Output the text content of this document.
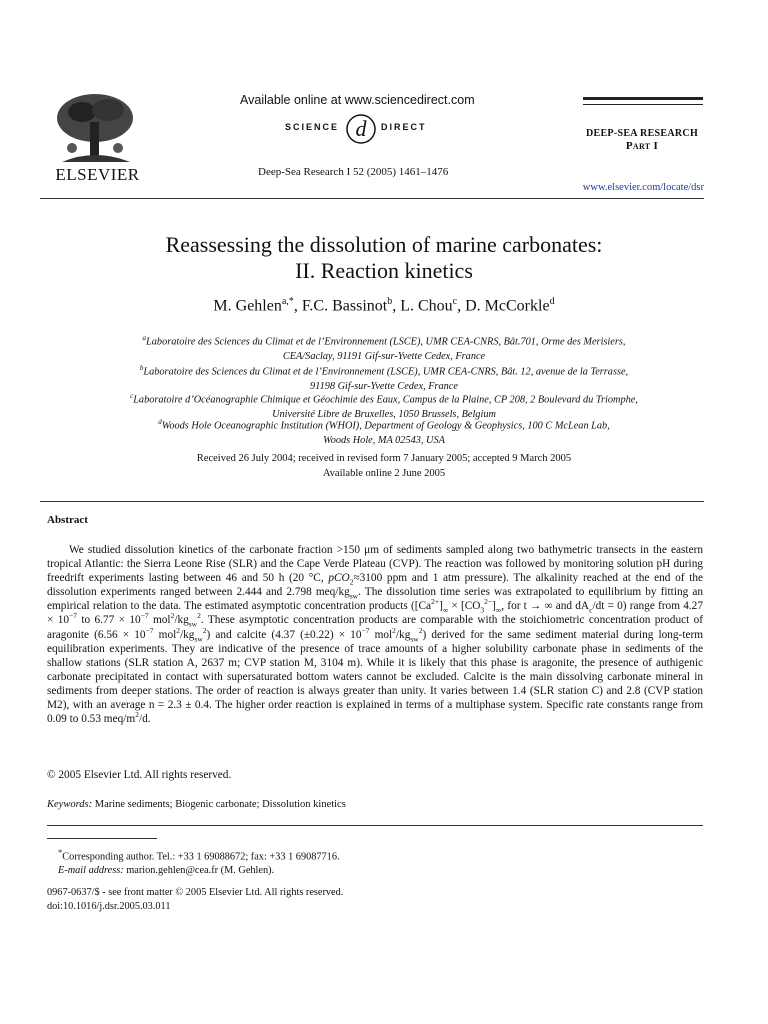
ELSEVIER
Available online at www.sciencedirect.com
SCIENCE d DIRECT
Deep-Sea Research I 52 (2005) 1461–1476
DEEP-SEA RESEARCH
Part I
www.elsevier.com/locate/dsr
Reassessing the dissolution of marine carbonates:
II. Reaction kinetics
M. Gehlen$^{a,*}$, F.C. Bassinot$^b$, L. Chou$^c$, D. McCorkle$^d$
$^a$Laboratoire des Sciences du Climat et de l’Environnement (LSCE), UMR CEA-CNRS, Bât.701, Orme des Merisiers,
CEA/Saclay, 91191 Gif-sur-Yvette Cedex, France
$^b$Laboratoire des Sciences du Climat et de l’Environnement (LSCE), UMR CEA-CNRS, Bât. 12, avenue de la Terrasse,
91198 Gif-sur-Yvette Cedex, France
$^c$Laboratoire d’Océanographie Chimique et Géochimie des Eaux, Campus de la Plaine, CP 208, 2 Boulevard du Triomphe,
Université Libre de Bruxelles, 1050 Brussels, Belgium
$^d$Woods Hole Oceanographic Institution (WHOI), Department of Geology & Geophysics, 100 C McLean Lab,
Woods Hole, MA 02543, USA
Received 26 July 2004; received in revised form 7 January 2005; accepted 9 March 2005
Available online 2 June 2005
Abstract
We studied dissolution kinetics of the carbonate fraction >150 μm of sediments sampled along two bathymetric transects in the eastern tropical Atlantic: the Sierra Leone Rise (SLR) and the Cape Verde Plateau (CVP). The reaction was followed by monitoring solution pH during freedrift experiments lasting between 46 and 50 h (20 °C, pCO$_2$≈3100 ppm and 1 atm pressure). The alkalinity reached at the end of the dissolution experiments ranged between 2.444 and 2.798 meq/$kg_{sw}$. The dissolution time series was extrapolated to equilibrium by fitting an empirical relation to the data. The estimated asymptotic concentration products ($[Ca^{2+}]_\infty \times [CO_3^{2-}]_\infty$, for t → ∞ and $dA_c/dt = 0$) range from $4.27 \times 10^{-7}$ to $6.77 \times 10^{-7}$ $mol^2/kg_{sw}^2$. These asymptotic concentration products are comparable with the stoichiometric concentration product of aragonite ($6.56 \times 10^{-7}$ $mol^2/kg_{sw}^2$) and calcite (4.37 $(\pm 0.22) \times 10^{-7}$ $mol^2/kg_{sw}^2$) derived for the same sediment material during long-term equilibration experiments. They are indicative of the presence of trace amounts of a higher solubility carbonate phase in sediments of the shallow stations (SLR station A, 2637 m; CVP station M, 3104 m). While it is likely that this phase is aragonite, the presence of authigenic carbonate precipitated in contact with supersaturated bottom waters cannot be excluded. Calcite is the main dissolving carbonate mineral in sediments from deeper stations. The order of reaction is always greater than unity. It varies between 1.4 (SLR station C) and 2.8 (CVP station M2), with an average n = 2.3 ± 0.4. The higher order reaction is explained in terms of a multiphase system. Specific rate constants range from 0.09 to 0.53 meq/$m^2/d$.
© 2005 Elsevier Ltd. All rights reserved.
Keywords: Marine sediments; Biogenic carbonate; Dissolution kinetics
*Corresponding author. Tel.: +33 1 69088672; fax: +33 1 69087716.
E-mail address: marion.gehlen@cea.fr (M. Gehlen).
0967-0637/$ - see front matter © 2005 Elsevier Ltd. All rights reserved.
doi:10.1016/j.dsr.2005.03.011
